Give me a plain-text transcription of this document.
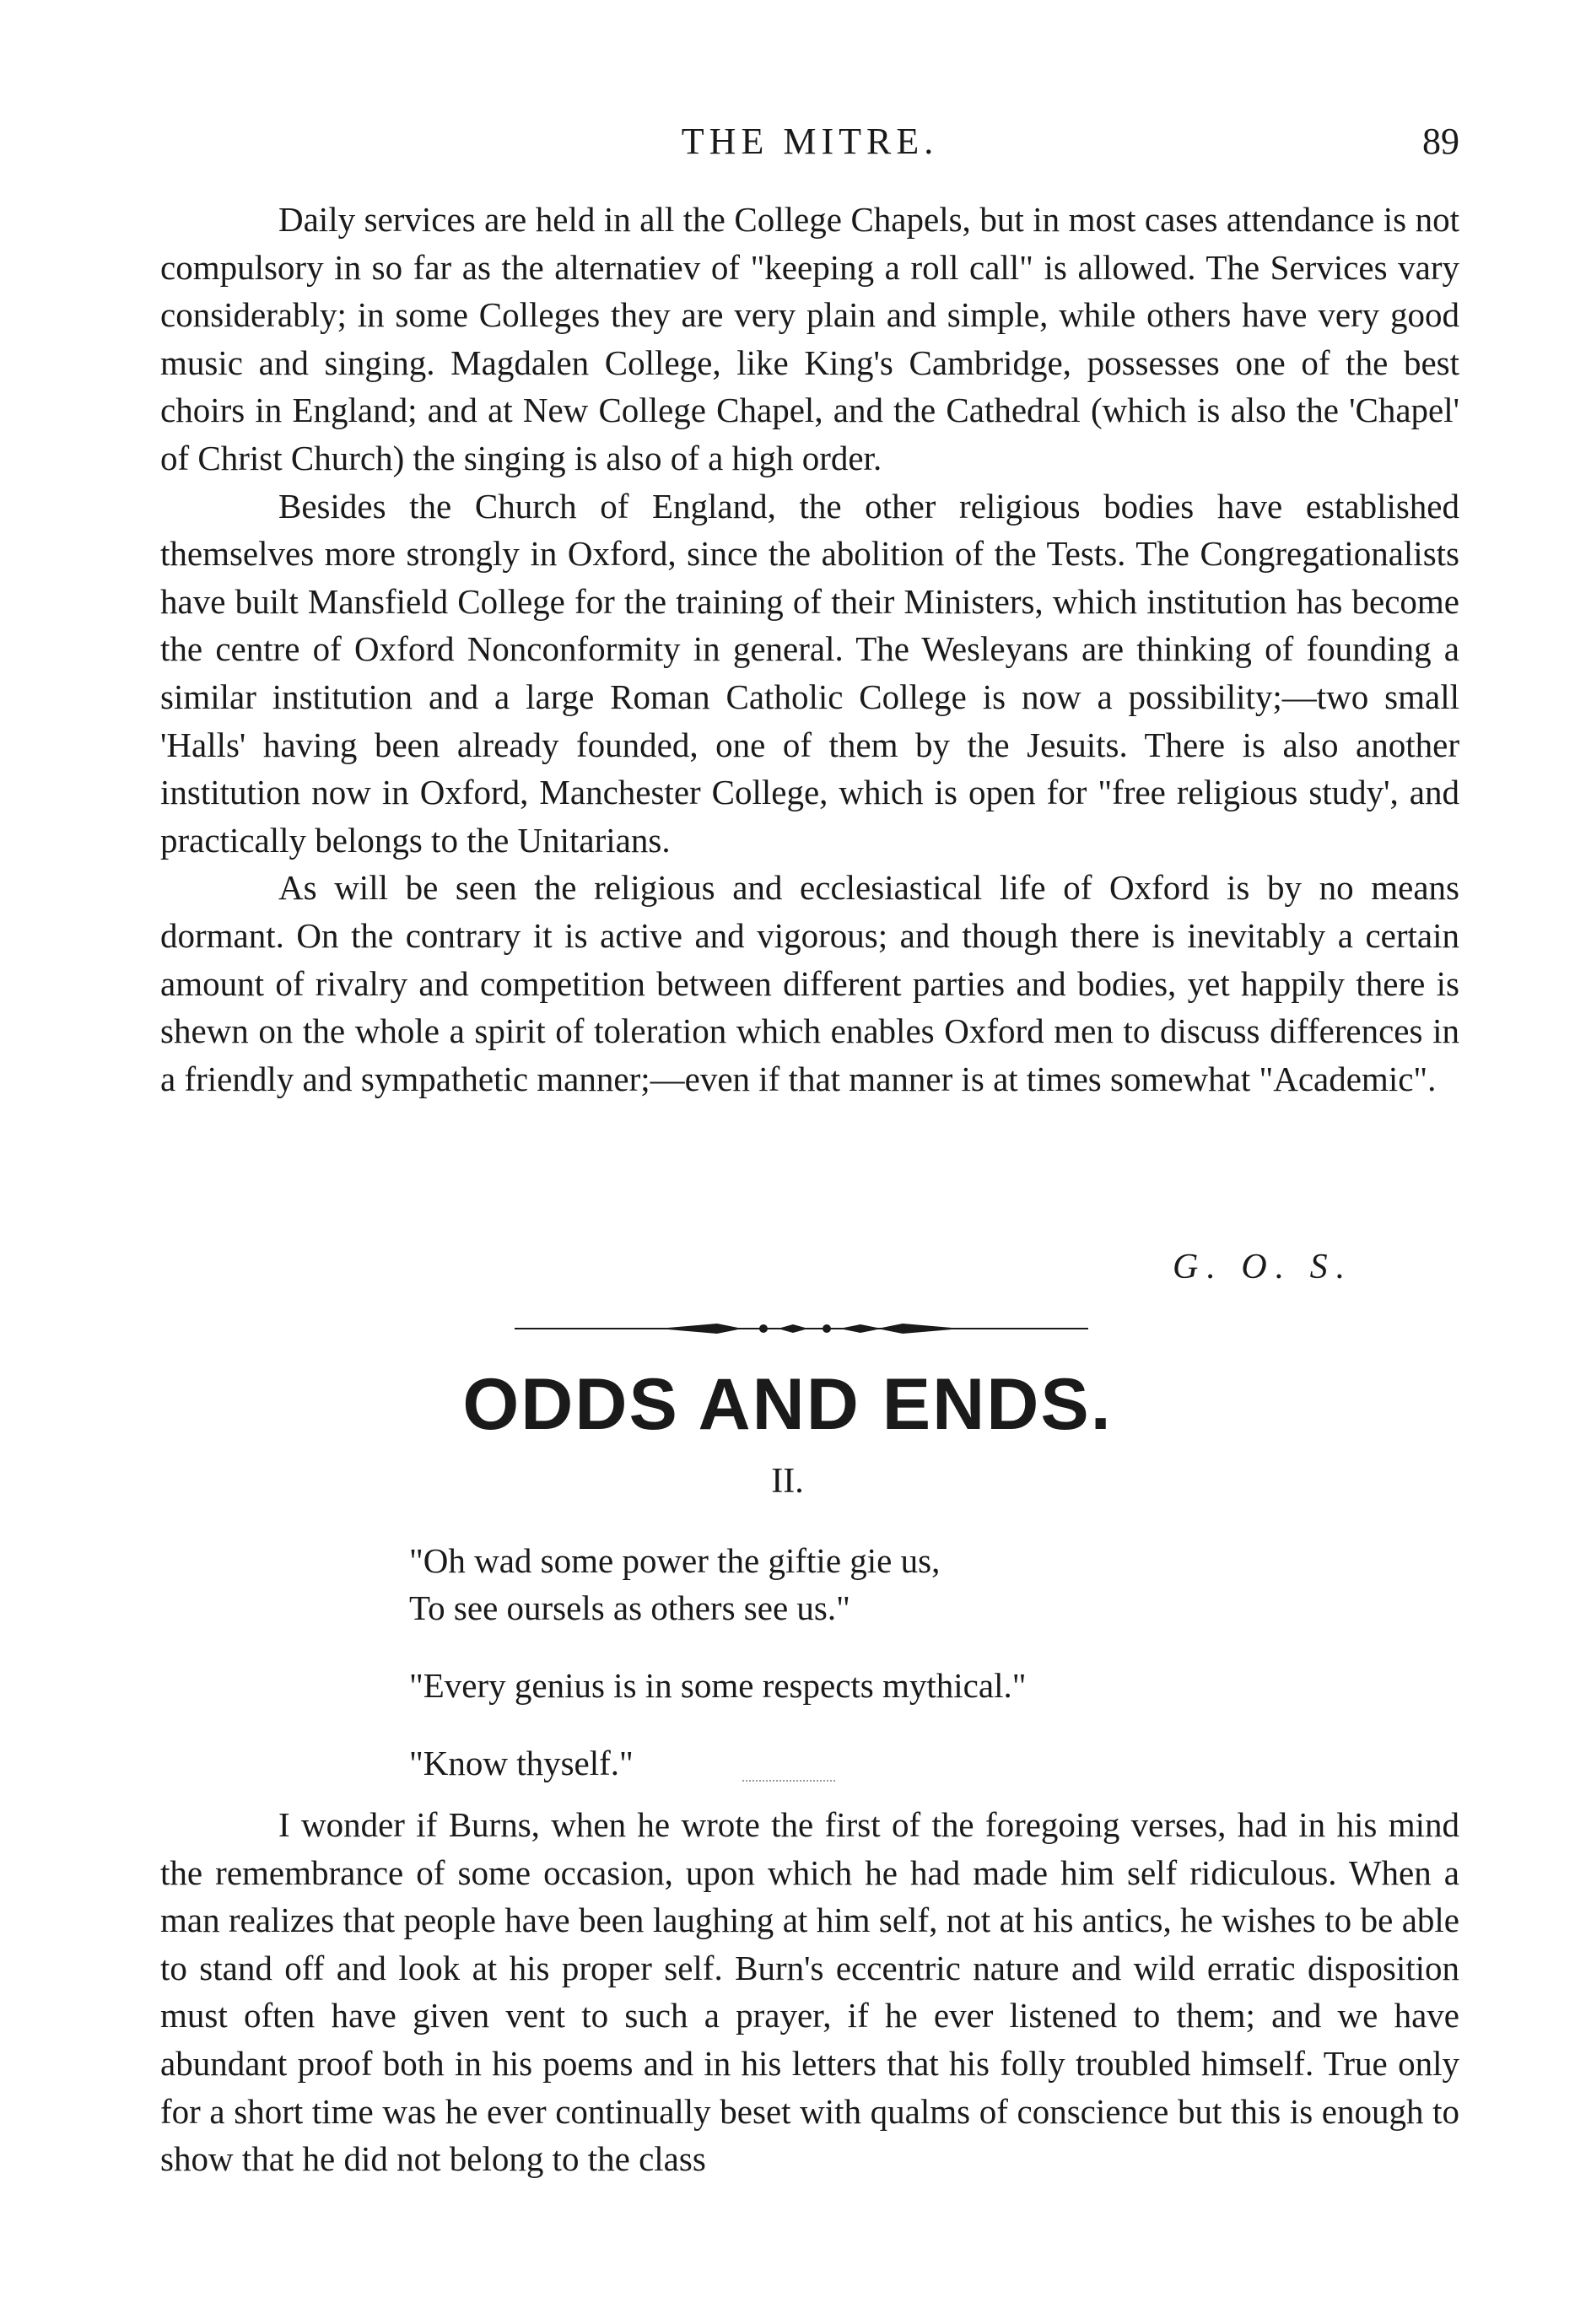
THE MITRE.	89

Daily services are held in all the College Chapels, but in most cases attendance is not compulsory in so far as the alternatiev of "keeping a roll call" is allowed. The Services vary considerably; in some Colleges they are very plain and simple, while others have very good music and singing. Magdalen College, like King's Cambridge, possesses one of the best choirs in England; and at New College Chapel, and the Cathedral (which is also the 'Chapel' of Christ Church) the singing is also of a high order.

Besides the Church of England, the other religious bodies have established themselves more strongly in Oxford, since the abolition of the Tests. The Congregationalists have built Mansfield College for the training of their Ministers, which institution has become the centre of Oxford Nonconformity in general. The Wesleyans are thinking of founding a similar institution and a large Roman Catholic College is now a possibility;—two small 'Halls' having been already founded, one of them by the Jesuits. There is also another institution now in Oxford, Manchester College, which is open for "free religious study', and practically belongs to the Unitarians.

As will be seen the religious and ecclesiastical life of Oxford is by no means dormant. On the contrary it is active and vigorous; and though there is inevitably a certain amount of rivalry and competition between different parties and bodies, yet happily there is shewn on the whole a spirit of toleration which enables Oxford men to discuss differences in a friendly and sympathetic manner;—even if that manner is at times somewhat "Academic".

G. O. S.
ODDS AND ENDS.
II.
"Oh wad some power the giftie gie us,
To see oursels as others see us."
"Every genius is in some respects mythical."
"Know thyself."

I wonder if Burns, when he wrote the first of the foregoing verses, had in his mind the remembrance of some occasion, upon which he had made him self ridiculous. When a man realizes that people have been laughing at him self, not at his antics, he wishes to be able to stand off and look at his proper self. Burn's eccentric nature and wild erratic disposition must often have given vent to such a prayer, if he ever listened to them; and we have abundant proof both in his poems and in his letters that his folly troubled himself. True only for a short time was he ever continually beset with qualms of conscience but this is enough to show that he did not belong to the class
